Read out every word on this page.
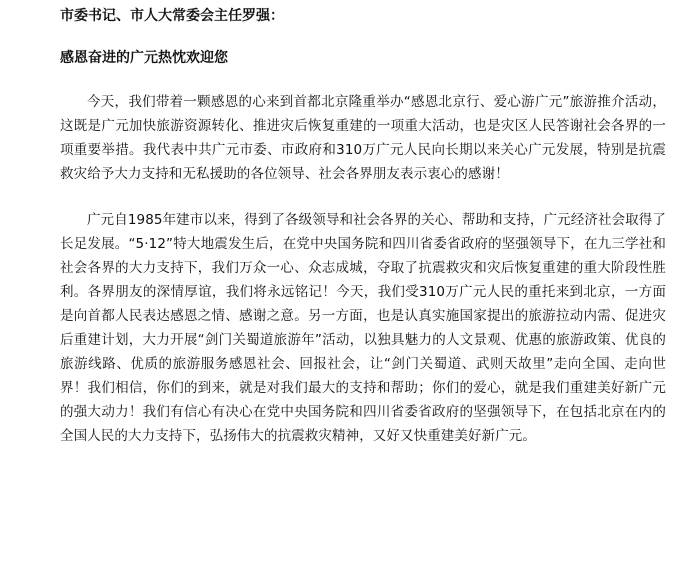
市委书记、市人大常委会主任罗强：
感恩奋进的广元热忱欢迎您

今天，我们带着一颗感恩的心来到首都北京隆重举办“感恩北京行、爱心游广元”旅游推介活动，这既是广元加快旅游资源转化、推进灾后恢复重建的一项重大活动，也是灾区人民答谢社会各界的一项重要举措。我代表中共广元市委、市政府和310万广元人民向长期以来关心广元发展，特别是抗震救灾给予大力支持和无私援助的各位领导、社会各界朋友表示衷心的感谢！

广元自1985年建市以来，得到了各级领导和社会各界的关心、帮助和支持，广元经济社会取得了长足发展。“5·12”特大地震发生后，在党中央国务院和四川省委省政府的坚强领导下，在九三学社和社会各界的大力支持下，我们万众一心、众志成城，夺取了抗震救灾和灾后恢复重建的重大阶段性胜利。各界朋友的深情厚谊，我们将永远铭记！今天，我们受310万广元人民的重托来到北京，一方面是向首都人民表达感恩之情、感谢之意。另一方面，也是认真实施国家提出的旅游拉动内需、促进灾后重建计划，大力开展“剑门关蜀道旅游年”活动，以独具魅力的人文景观、优惠的旅游政策、优良的旅游线路、优质的旅游服务感恩社会、回报社会，让“剑门关蜀道、武则天故里”走向全国、走向世界！我们相信，你们的到来，就是对我们最大的支持和帮助；你们的爱心，就是我们重建美好新广元的强大动力！我们有信心有决心在党中央国务院和四川省委省政府的坚强领导下，在包括北京在内的全国人民的大力支持下，弘扬伟大的抗震救灾精神，又好又快重建美好新广元。
